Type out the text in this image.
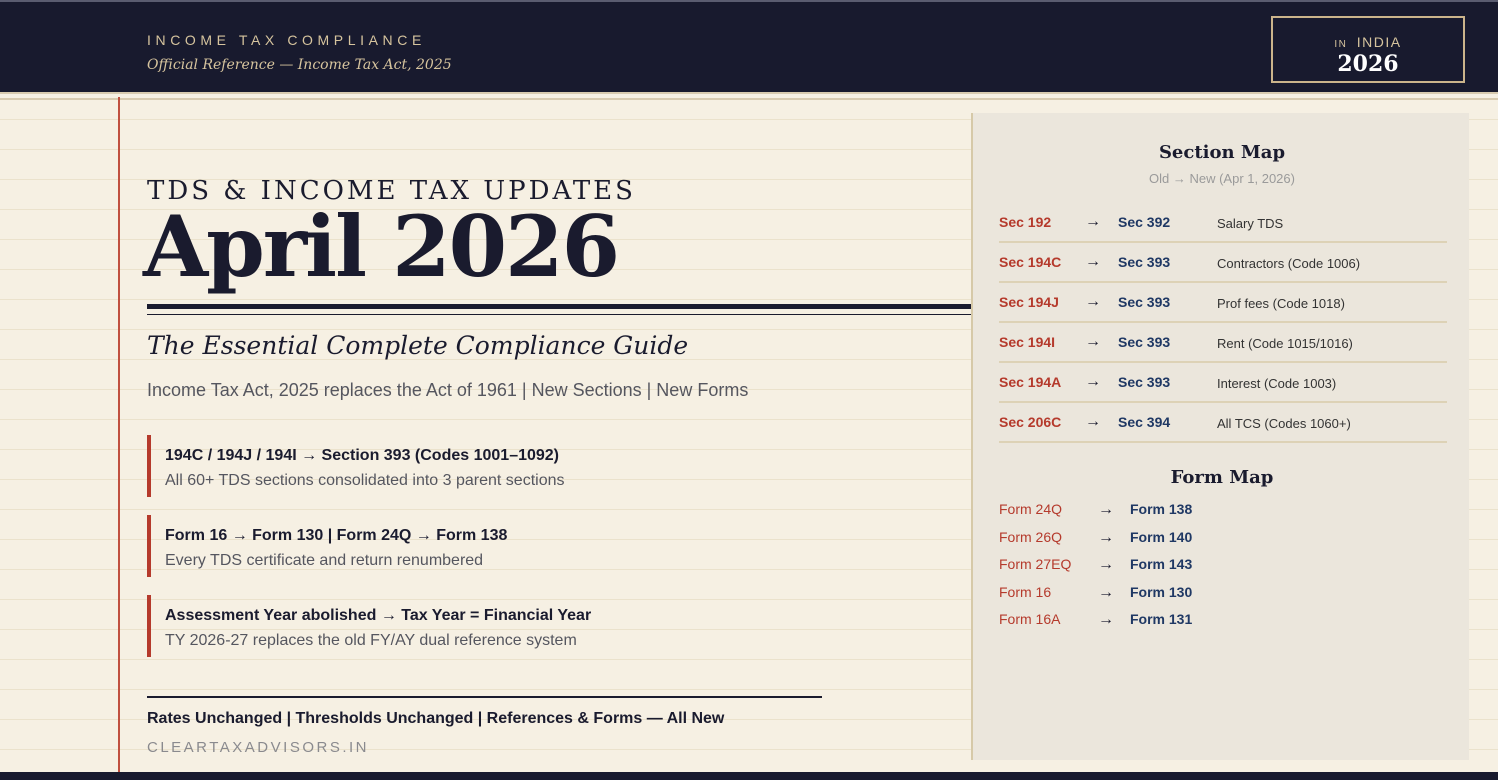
INCOME TAX COMPLIANCE
Official Reference — Income Tax Act, 2025
IN INDIA
2026
TDS & INCOME TAX UPDATES
April 2026
The Essential Complete Compliance Guide
Income Tax Act, 2025 replaces the Act of 1961 | New Sections | New Forms
194C / 194J / 194I → Section 393 (Codes 1001–1092)
All 60+ TDS sections consolidated into 3 parent sections
Form 16 → Form 130 | Form 24Q → Form 138
Every TDS certificate and return renumbered
Assessment Year abolished → Tax Year = Financial Year
TY 2026-27 replaces the old FY/AY dual reference system
Rates Unchanged | Thresholds Unchanged | References & Forms — All New
CLEARTAXADVISORS.IN
Section Map
Old → New (Apr 1, 2026)
Sec 192 → Sec 392	Salary TDS
Sec 194C → Sec 393	Contractors (Code 1006)
Sec 194J → Sec 393	Prof fees (Code 1018)
Sec 194I → Sec 393	Rent (Code 1015/1016)
Sec 194A → Sec 393	Interest (Code 1003)
Sec 206C → Sec 394	All TCS (Codes 1060+)
Form Map
Form 24Q → Form 138
Form 26Q → Form 140
Form 27EQ → Form 143
Form 16	→ Form 130
Form 16A → Form 131
